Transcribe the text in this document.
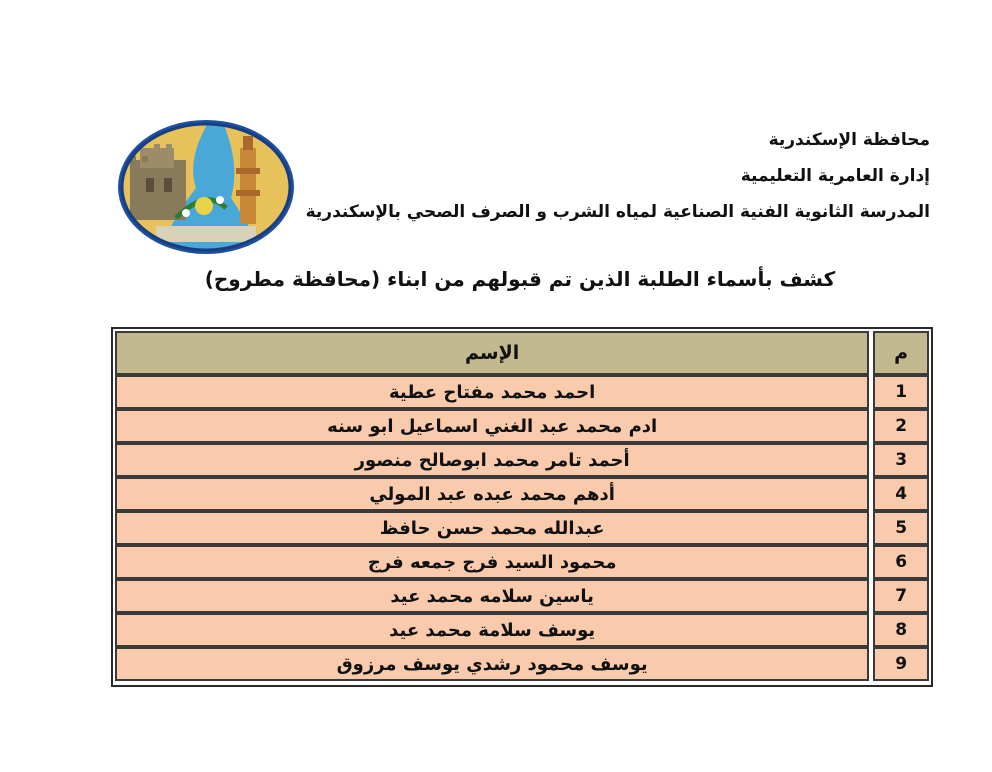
محافظة الإسكندرية
إدارة العامرية التعليمية
المدرسة الثانوية الفنية الصناعية لمياه الشرب و الصرف الصحي بالإسكندرية
كشف بأسماء الطلبة الذين تم قبولهم من ابناء (محافظة مطروح)
الإسم	م
احمد محمد مفتاح عطية	1
ادم محمد عبد الغني اسماعيل ابو سنه	2
أحمد تامر محمد ابوصالح منصور	3
أدهم محمد عبده عبد المولي	4
عبدالله محمد حسن حافظ	5
محمود السيد فرج جمعه فرج	6
ياسين سلامه محمد عيد	7
يوسف سلامة محمد عيد	8
يوسف محمود رشدي يوسف مرزوق	9
